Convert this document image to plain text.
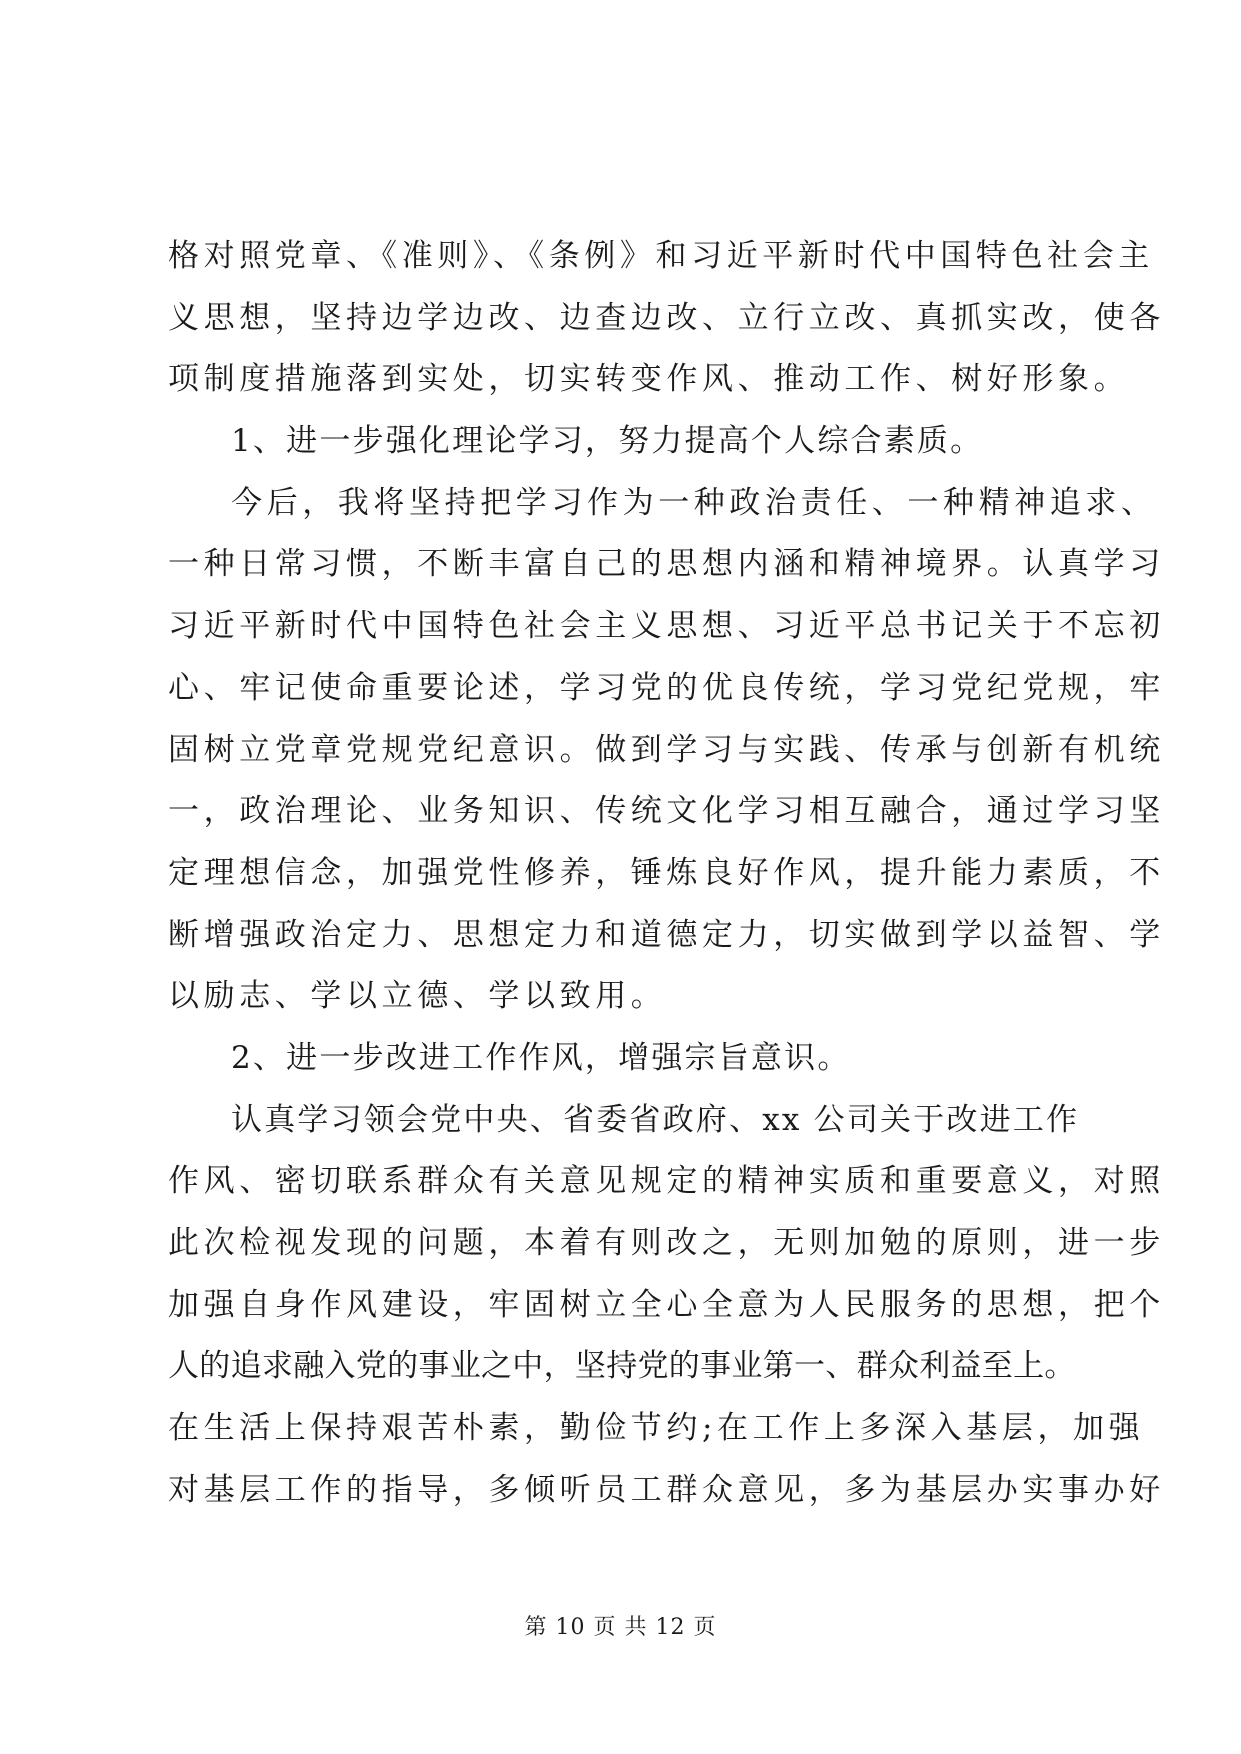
格对照党章、《准则》、《条例》和习近平新时代中国特色社会主
义思想，坚持边学边改、边查边改、立行立改、真抓实改，使各
项制度措施落到实处，切实转变作风、推动工作、树好形象。
1、进一步强化理论学习，努力提高个人综合素质。
今后，我将坚持把学习作为一种政治责任、一种精神追求、
一种日常习惯，不断丰富自己的思想内涵和精神境界。认真学习
习近平新时代中国特色社会主义思想、习近平总书记关于不忘初
心、牢记使命重要论述，学习党的优良传统，学习党纪党规，牢
固树立党章党规党纪意识。做到学习与实践、传承与创新有机统
一，政治理论、业务知识、传统文化学习相互融合，通过学习坚
定理想信念，加强党性修养，锤炼良好作风，提升能力素质，不
断增强政治定力、思想定力和道德定力，切实做到学以益智、学
以励志、学以立德、学以致用。
2、进一步改进工作作风，增强宗旨意识。
认真学习领会党中央、省委省政府、xx 公司关于改进工作
作风、密切联系群众有关意见规定的精神实质和重要意义，对照
此次检视发现的问题，本着有则改之，无则加勉的原则，进一步
加强自身作风建设，牢固树立全心全意为人民服务的思想，把个
人的追求融入党的事业之中，坚持党的事业第一、群众利益至上。
在生活上保持艰苦朴素，勤俭节约;在工作上多深入基层，加强
对基层工作的指导，多倾听员工群众意见，多为基层办实事办好
第 10 页 共 12 页
